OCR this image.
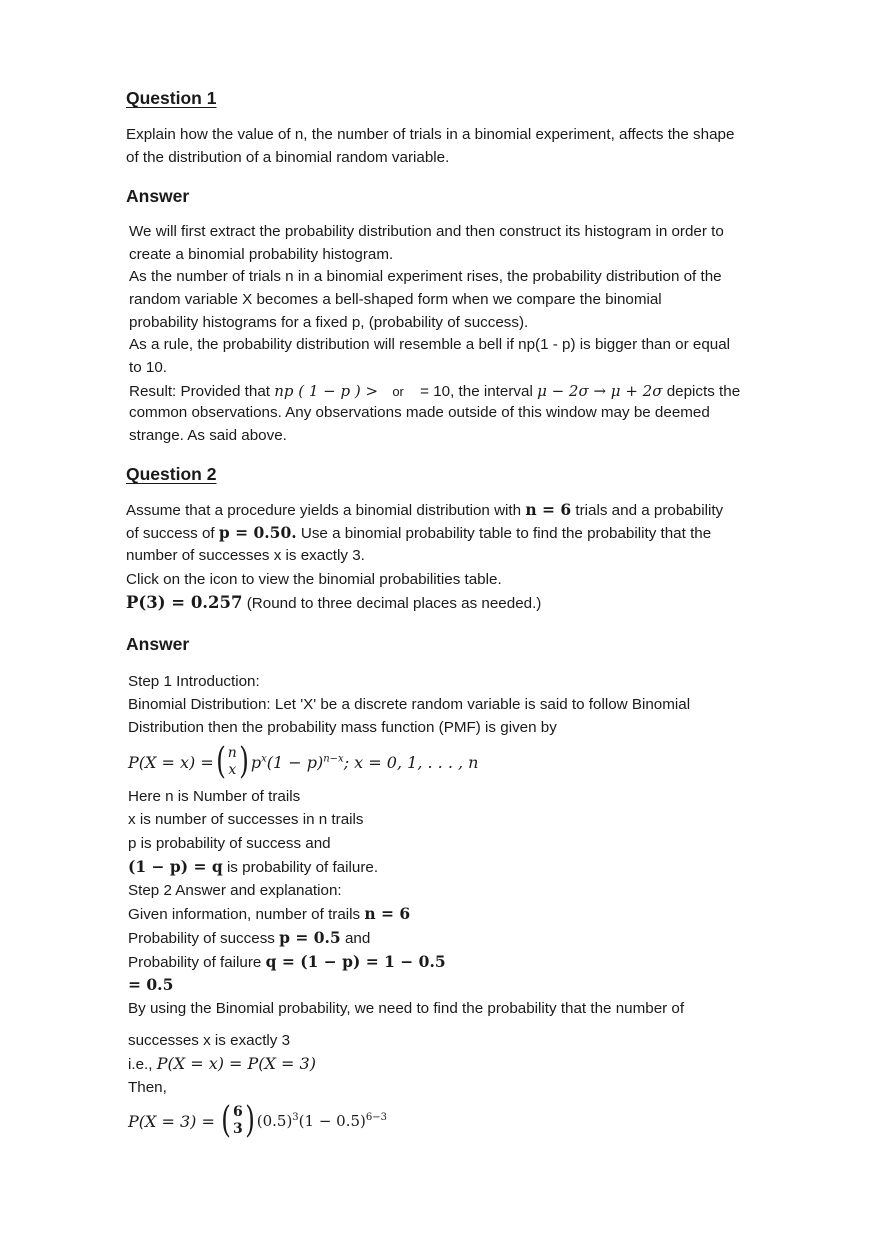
Question 1
Explain how the value of n, the number of trials in a binomial experiment, affects the shape
of the distribution of a binomial random variable.
Answer
We will first extract the probability distribution and then construct its histogram in order to
create a binomial probability histogram.
As the number of trials n in a binomial experiment rises, the probability distribution of the
random variable X becomes a bell-shaped form when we compare the binomial
probability histograms for a fixed p, (probability of success).
As a rule, the probability distribution will resemble a bell if np(1 - p) is bigger than or equal
to 10.
Result: Provided that np ( 1 − p ) > or = 10, the interval μ − 2σ → μ + 2σ depicts the
common observations. Any observations made outside of this window may be deemed
strange. As said above.
Question 2
Assume that a procedure yields a binomial distribution with n = 6 trials and a probability
of success of p = 0.50. Use a binomial probability table to find the probability that the
number of successes x is exactly 3.
Click on the icon to view the binomial probabilities table.
P(3) = 0.257 (Round to three decimal places as needed.)
Answer
Step 1 Introduction:
Binomial Distribution: Let 'X' be a discrete random variable is said to follow Binomial
Distribution then the probability mass function (PMF) is given by
P(X = x) = ( n
x ) $p^x(1 - p)^{n-x}$; x = 0, 1, . . . , n
Here n is Number of trails
x is number of successes in n trails
p is probability of success and
(1 − p) = q is probability of failure.
Step 2 Answer and explanation:
Given information, number of trails n = 6
Probability of success p = 0.5 and
Probability of failure q = (1 − p) = 1 − 0.5
= 0.5
By using the Binomial probability, we need to find the probability that the number of
successes x is exactly 3
i.e., P(X = x) = P(X = 3)
Then,
P(X = 3) = ( 6
3 ) $(0.5)^3(1 - 0.5)^{6-3}$
